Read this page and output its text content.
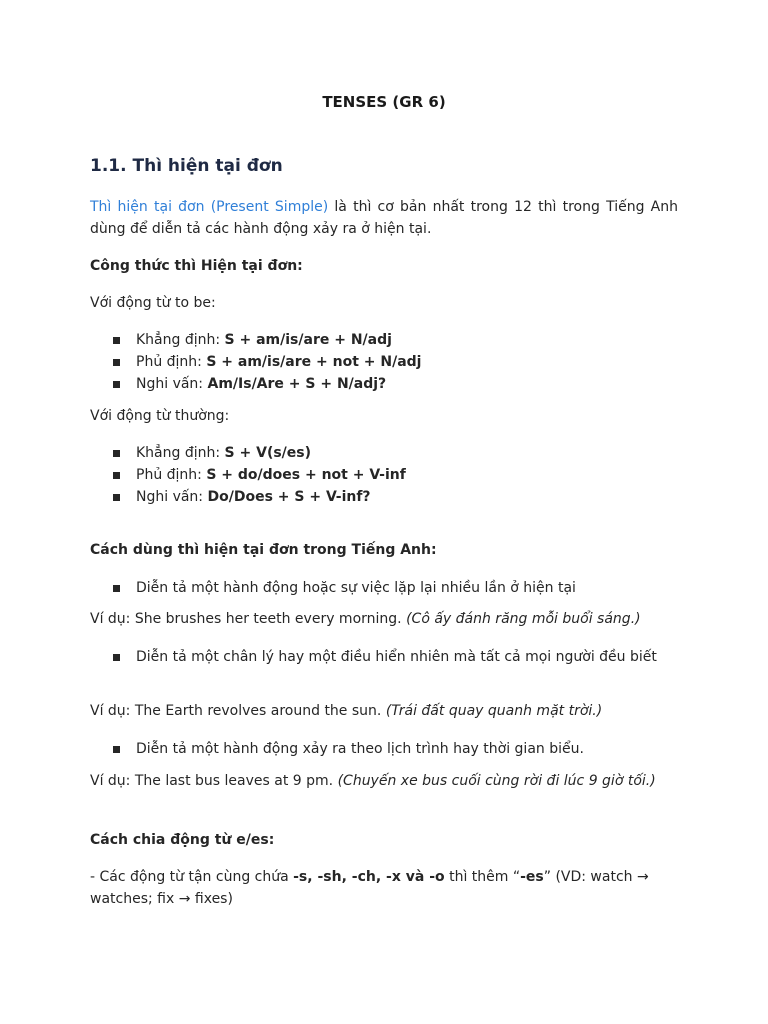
TENSES (GR 6)
1.1. Thì hiện tại đơn

Thì hiện tại đơn (Present Simple) là thì cơ bản nhất trong 12 thì trong Tiếng Anh dùng để diễn tả các hành động xảy ra ở hiện tại.

Công thức thì Hiện tại đơn:

Với động từ to be:

Khẳng định: S + am/is/are + N/adj
Phủ định: S + am/is/are + not + N/adj
Nghi vấn: Am/Is/Are + S + N/adj?

Với động từ thường:

Khẳng định: S + V(s/es)
Phủ định: S + do/does + not + V-inf
Nghi vấn: Do/Does + S + V-inf?

Cách dùng thì hiện tại đơn trong Tiếng Anh:

Diễn tả một hành động hoặc sự việc lặp lại nhiều lần ở hiện tại

Ví dụ: She brushes her teeth every morning. (Cô ấy đánh răng mỗi buổi sáng.)

Diễn tả một chân lý hay một điều hiển nhiên mà tất cả mọi người đều biết

Ví dụ: The Earth revolves around the sun. (Trái đất quay quanh mặt trời.)

Diễn tả một hành động xảy ra theo lịch trình hay thời gian biểu.

Ví dụ: The last bus leaves at 9 pm. (Chuyến xe bus cuối cùng rời đi lúc 9 giờ tối.)

Cách chia động từ e/es:

- Các động từ tận cùng chứa -s, -sh, -ch, -x và -o thì thêm “-es” (VD: watch → watches; fix → fixes)
